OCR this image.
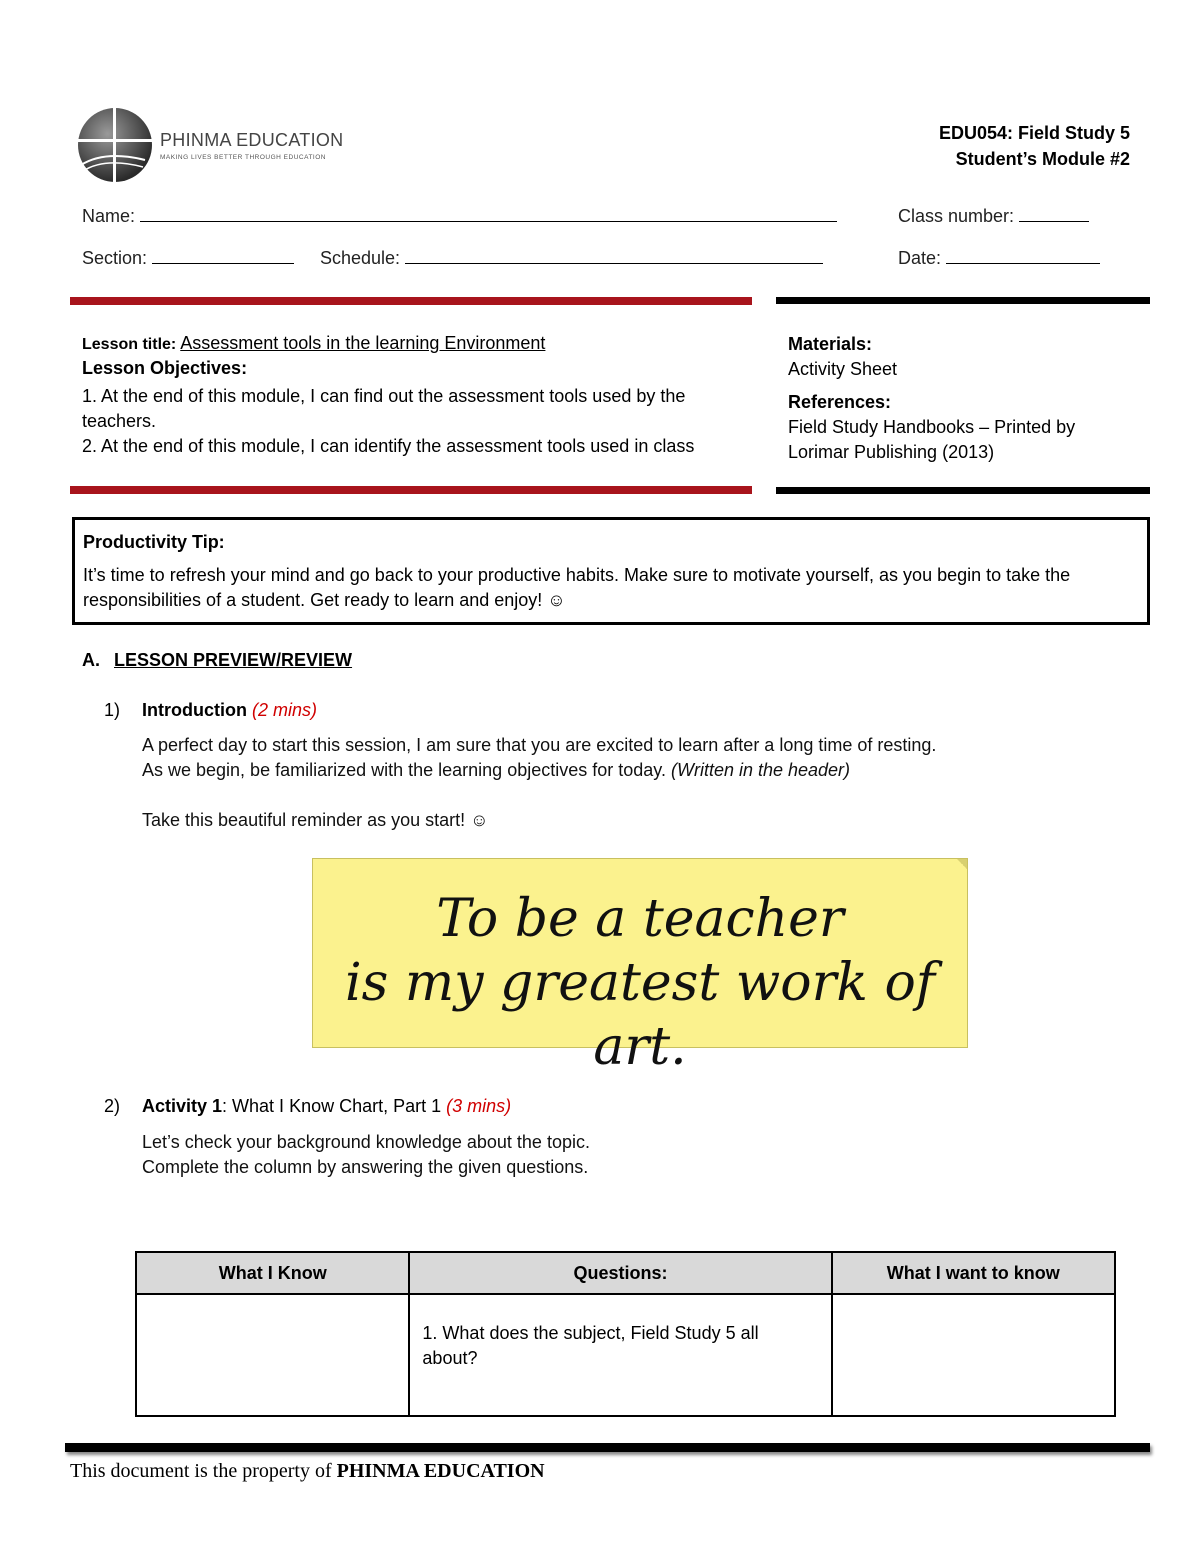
PHINMA EDUCATION
MAKING LIVES BETTER THROUGH EDUCATION
EDU054: Field Study 5
Student’s Module #2
Name:	Class number:
Section:	Schedule:	Date:
Lesson title: Assessment tools in the learning Environment
Lesson Objectives:
1. At the end of this module, I can find out the assessment tools used by the teachers.
2. At the end of this module, I can identify the assessment tools used in class
Materials:
Activity Sheet
References:
Field Study Handbooks – Printed by Lorimar Publishing (2013)
Productivity Tip:
It’s time to refresh your mind and go back to your productive habits. Make sure to motivate yourself, as you begin to take the responsibilities of a student. Get ready to learn and enjoy! ☺
A. LESSON PREVIEW/REVIEW
1) Introduction (2 mins)
A perfect day to start this session, I am sure that you are excited to learn after a long time of resting.
As we begin, be familiarized with the learning objectives for today. (Written in the header)
Take this beautiful reminder as you start! ☺
To be a teacher
is my greatest work of art.
2) Activity 1: What I Know Chart, Part 1 (3 mins)
Let’s check your background knowledge about the topic.
Complete the column by answering the given questions.
What I Know	Questions:	What I want to know
	1. What does the subject, Field Study 5 all about?	
This document is the property of PHINMA EDUCATION
